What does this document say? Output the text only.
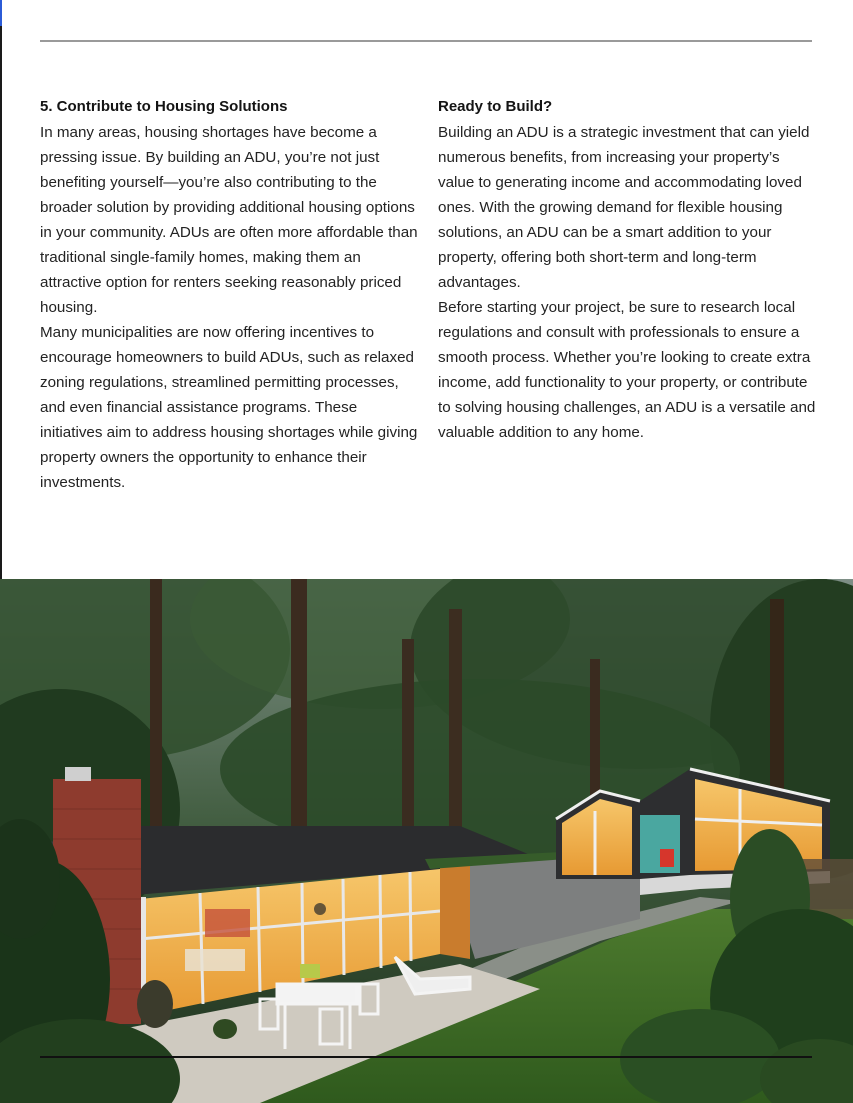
5. Contribute to Housing Solutions

In many areas, housing shortages have become a pressing issue. By building an ADU, you’re not just benefiting yourself—you’re also contributing to the broader solution by providing additional housing options in your community. ADUs are often more affordable than traditional single-family homes, making them an attractive option for renters seeking reasonably priced housing.

Many municipalities are now offering incentives to encourage homeowners to build ADUs, such as relaxed zoning regulations, streamlined permitting processes, and even financial assistance programs. These initiatives aim to address housing shortages while giving property owners the opportunity to enhance their investments.

Ready to Build?

Building an ADU is a strategic investment that can yield numerous benefits, from increasing your property’s value to generating income and accommodating loved ones. With the growing demand for flexible housing solutions, an ADU can be a smart addition to your property, offering both short-term and long-term advantages.

Before starting your project, be sure to research local regulations and consult with professionals to ensure a smooth process. Whether you’re looking to create extra income, add functionality to your property, or contribute to solving housing challenges, an ADU is a versatile and valuable addition to any home.
